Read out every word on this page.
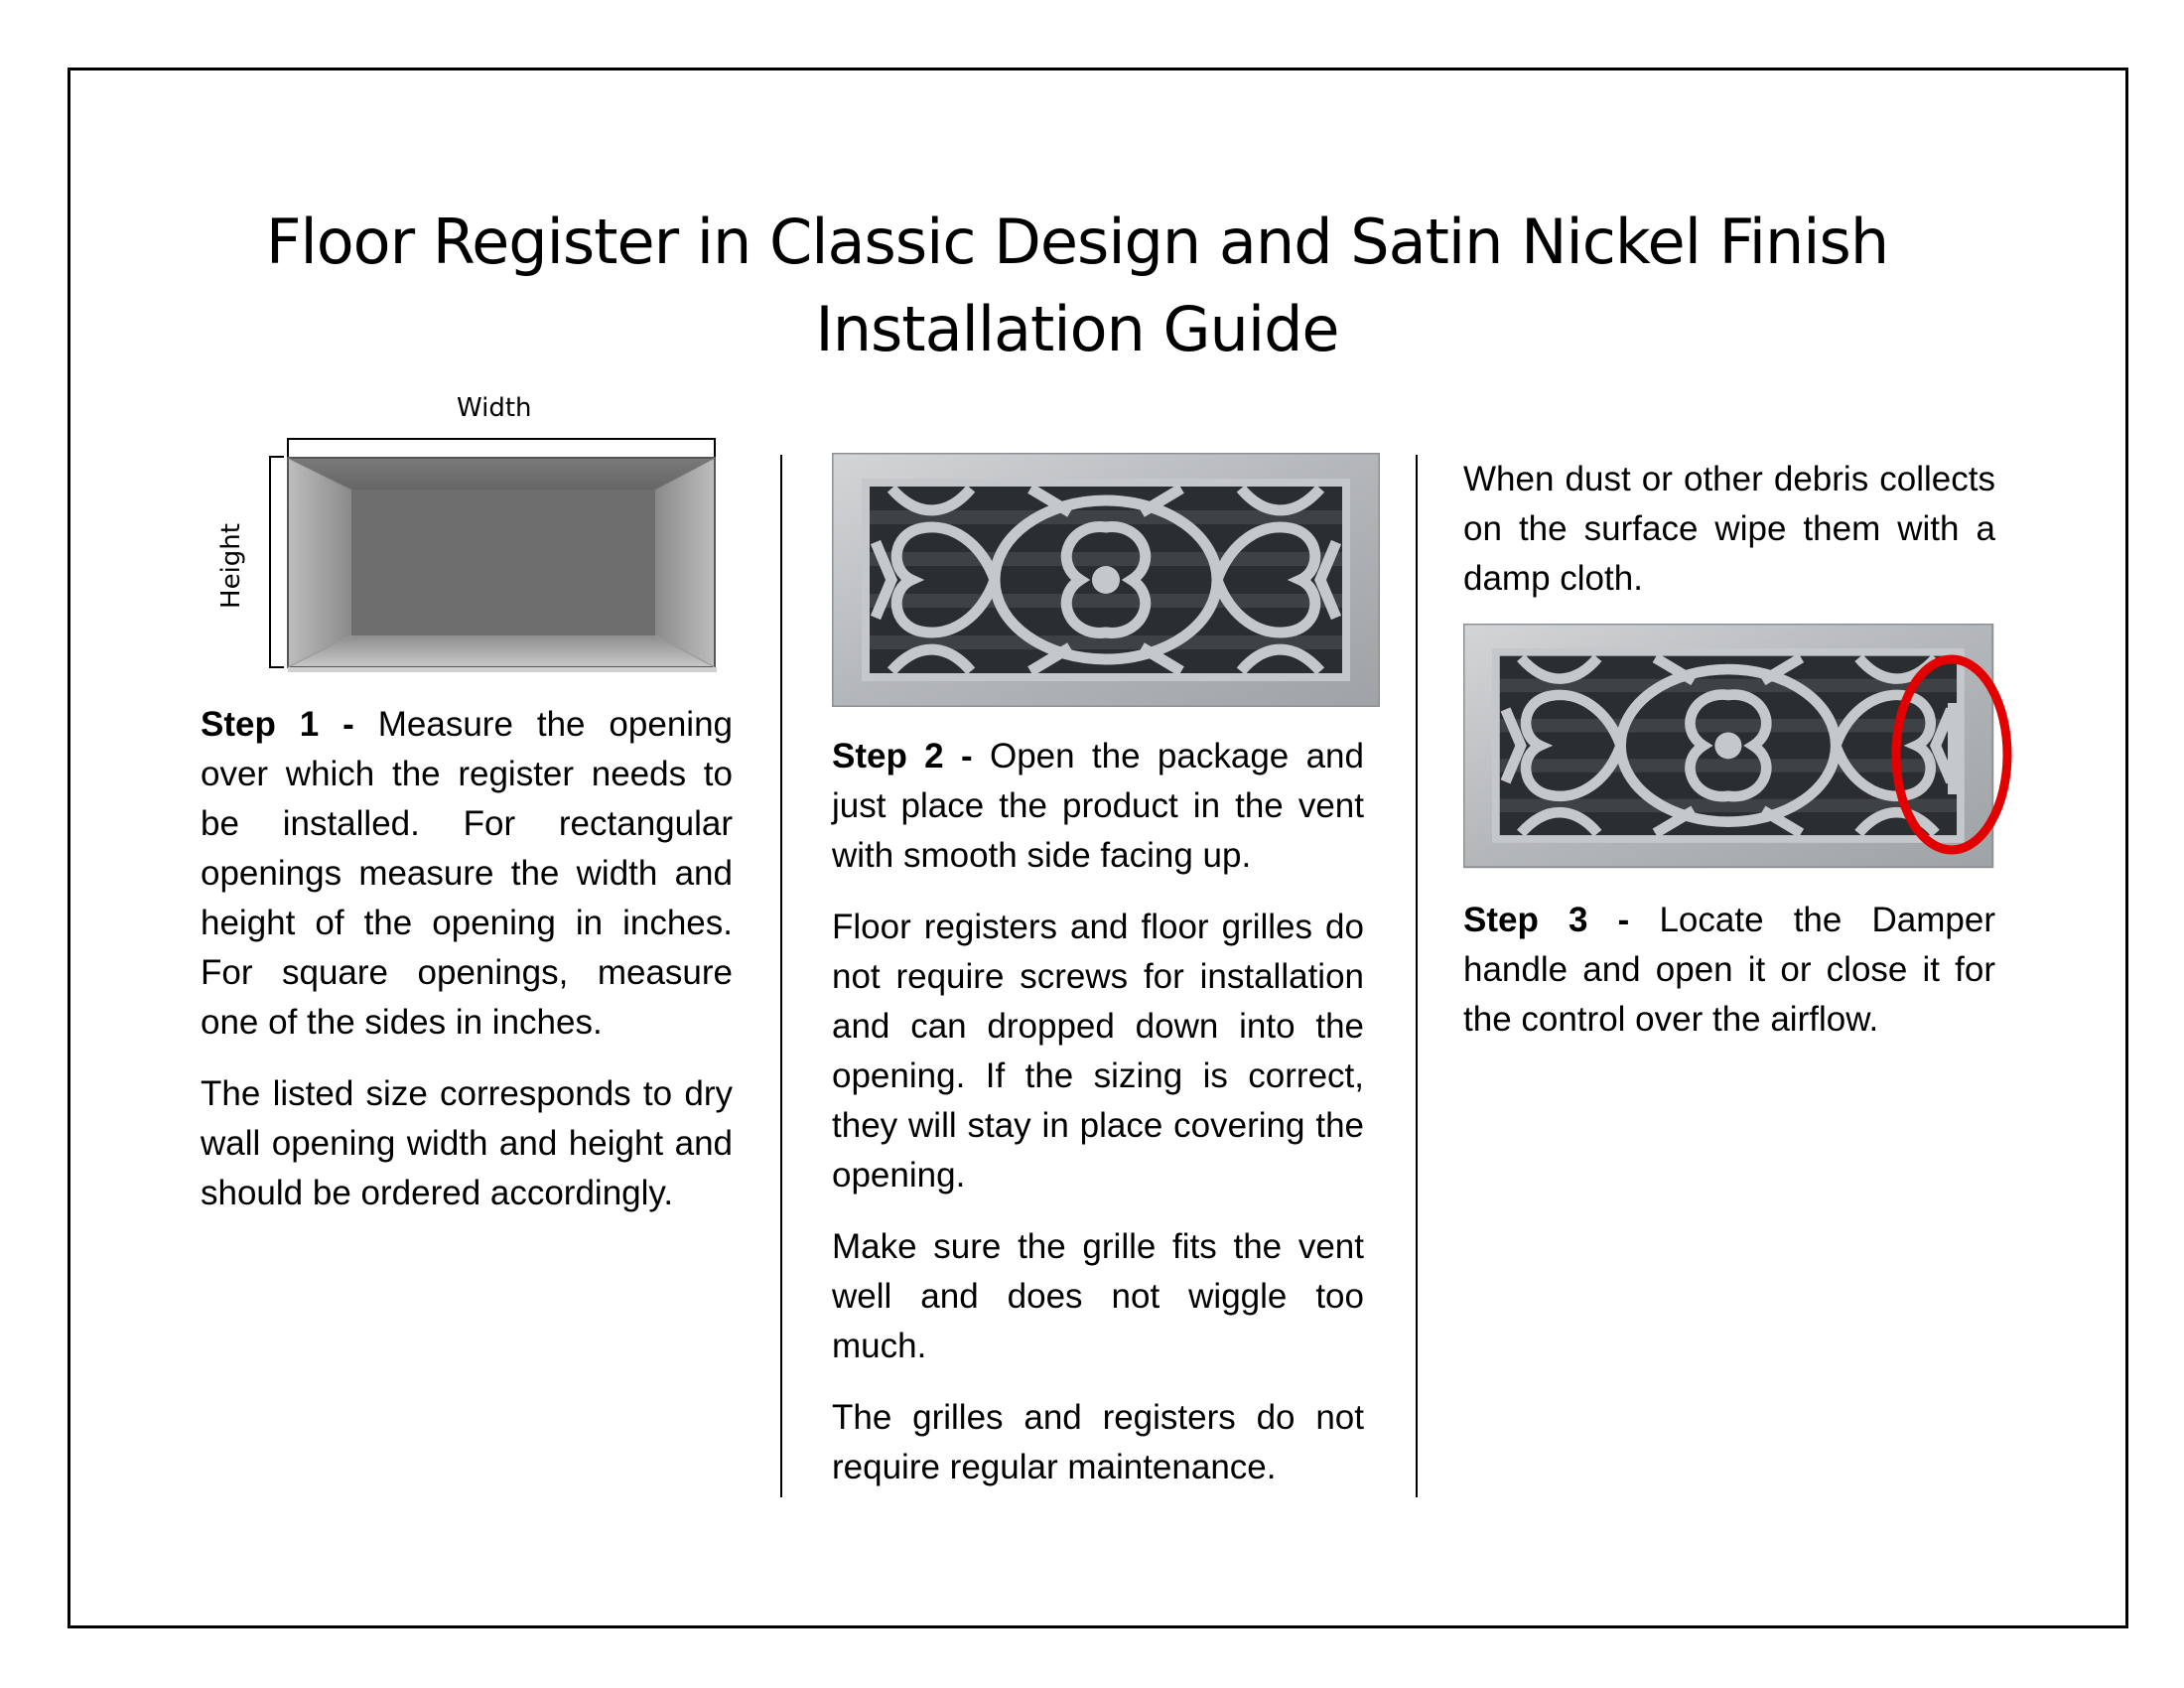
Floor Register in Classic Design and Satin Nickel Finish Installation Guide
Width
Height

Step 1 - Measure the opening over which the register needs to be installed. For rectangular openings measure the width and height of the opening in inches. For square openings, measure one of the sides in inches.

The listed size corresponds to dry wall opening width and height and should be ordered accordingly.

Step 2 - Open the package and just place the product in the vent with smooth side facing up.

Floor registers and floor grilles do not require screws for installation and can dropped down into the opening. If the sizing is correct, they will stay in place covering the opening.

Make sure the grille fits the vent well and does not wiggle too much.

The grilles and registers do not require regular maintenance.

When dust or other debris collects on the surface wipe them with a damp cloth.

Step 3 - Locate the Damper handle and open it or close it for the control over the airflow.
